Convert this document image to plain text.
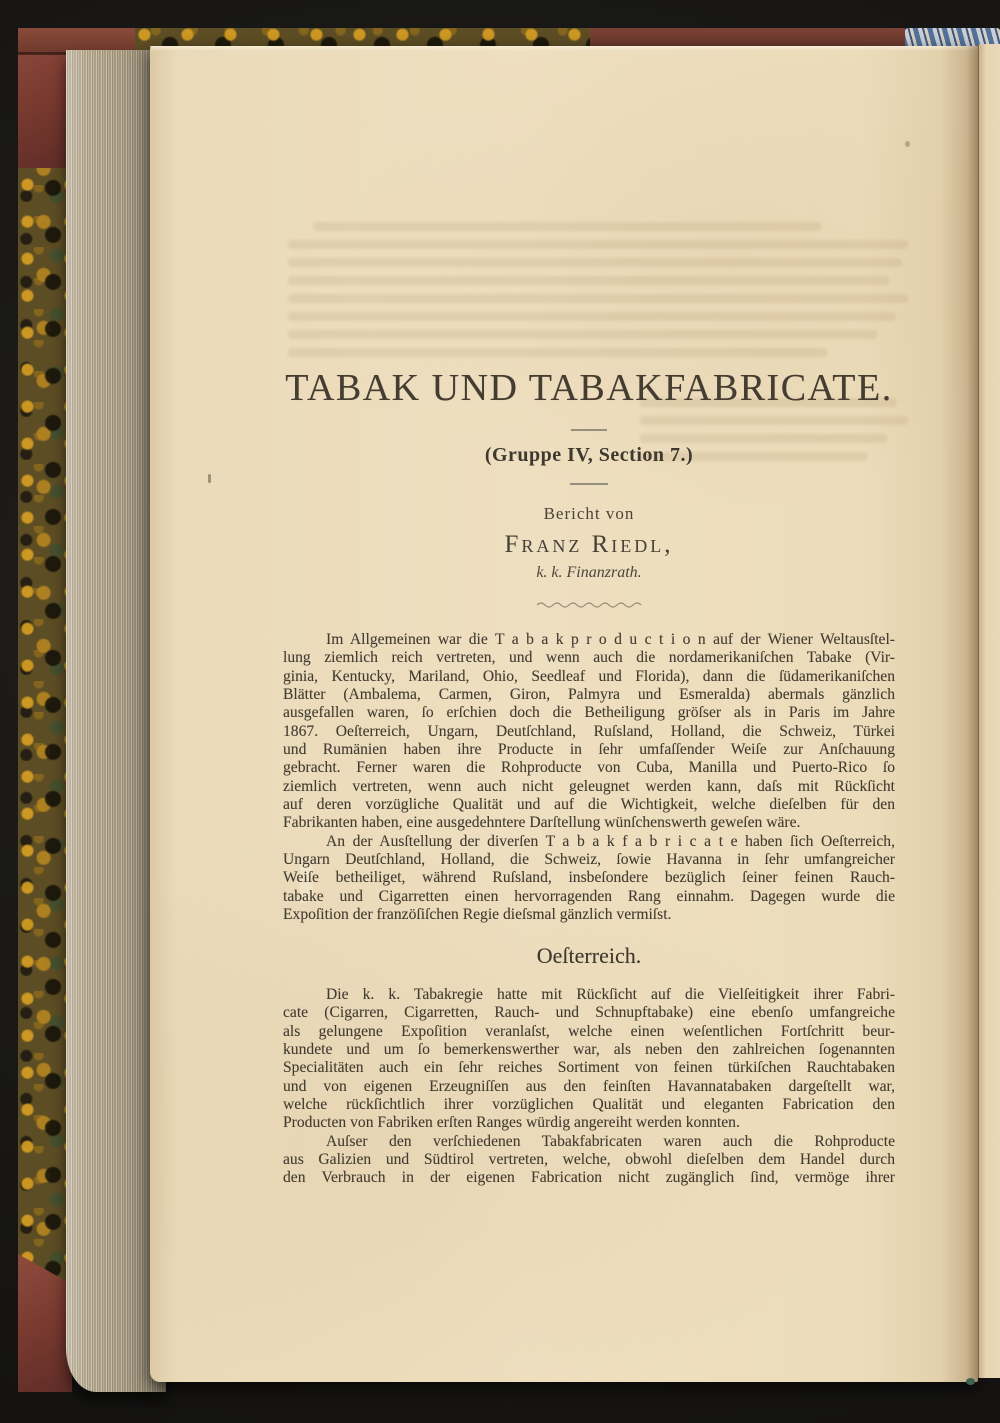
TABAK UND TABAKFABRICATE.
(Gruppe IV, Section 7.)
Bericht von
Franz Riedl,
k. k. Finanzrath.
Im Allgemeinen war die T a b a k p r o d u c t i o n auf der Wiener Weltausſtel-
lung ziemlich reich vertreten, und wenn auch die nordamerikaniſchen Tabake (Vir-
ginia, Kentucky, Mariland, Ohio, Seedleaf und Florida), dann die ſüdamerikaniſchen
Blätter (Ambalema, Carmen, Giron, Palmyra und Esmeralda) abermals gänzlich
ausgefallen waren, ſo erſchien doch die Betheiligung gröſser als in Paris im Jahre
1867. Oeſterreich, Ungarn, Deutſchland, Ruſsland, Holland, die Schweiz, Türkei
und Rumänien haben ihre Producte in ſehr umfaſſender Weiſe zur Anſchauung
gebracht. Ferner waren die Rohproducte von Cuba, Manilla und Puerto-Rico ſo
ziemlich vertreten, wenn auch nicht geleugnet werden kann, daſs mit Rückſicht
auf deren vorzügliche Qualität und auf die Wichtigkeit, welche dieſelben für den
Fabrikanten haben, eine ausgedehntere Darſtellung wünſchenswerth geweſen wäre.
An der Ausſtellung der diverſen T a b a k f a b r i c a t e haben ſich Oeſterreich,
Ungarn Deutſchland, Holland, die Schweiz, ſowie Havanna in ſehr umfangreicher
Weiſe betheiliget, während Ruſsland, insbeſondere bezüglich ſeiner feinen Rauch-
tabake und Cigarretten einen hervorragenden Rang einnahm. Dagegen wurde die
Expoſition der franzöſiſchen Regie dieſsmal gänzlich vermiſst.
Oeſterreich.
Die k. k. Tabakregie hatte mit Rückſicht auf die Vielſeitigkeit ihrer Fabri-
cate (Cigarren, Cigarretten, Rauch- und Schnupftabake) eine ebenſo umfangreiche
als gelungene Expoſition veranlaſst, welche einen weſentlichen Fortſchritt beur-
kundete und um ſo bemerkenswerther war, als neben den zahlreichen ſogenannten
Specialitäten auch ein ſehr reiches Sortiment von feinen türkiſchen Rauchtabaken
und von eigenen Erzeugniſſen aus den feinſten Havannatabaken dargeſtellt war,
welche rückſichtlich ihrer vorzüglichen Qualität und eleganten Fabrication den
Producten von Fabriken erſten Ranges würdig angereiht werden konnten.
Auſser den verſchiedenen Tabakfabricaten waren auch die Rohproducte
aus Galizien und Südtirol vertreten, welche, obwohl dieſelben dem Handel durch
den Verbrauch in der eigenen Fabrication nicht zugänglich ſind, vermöge ihrer
